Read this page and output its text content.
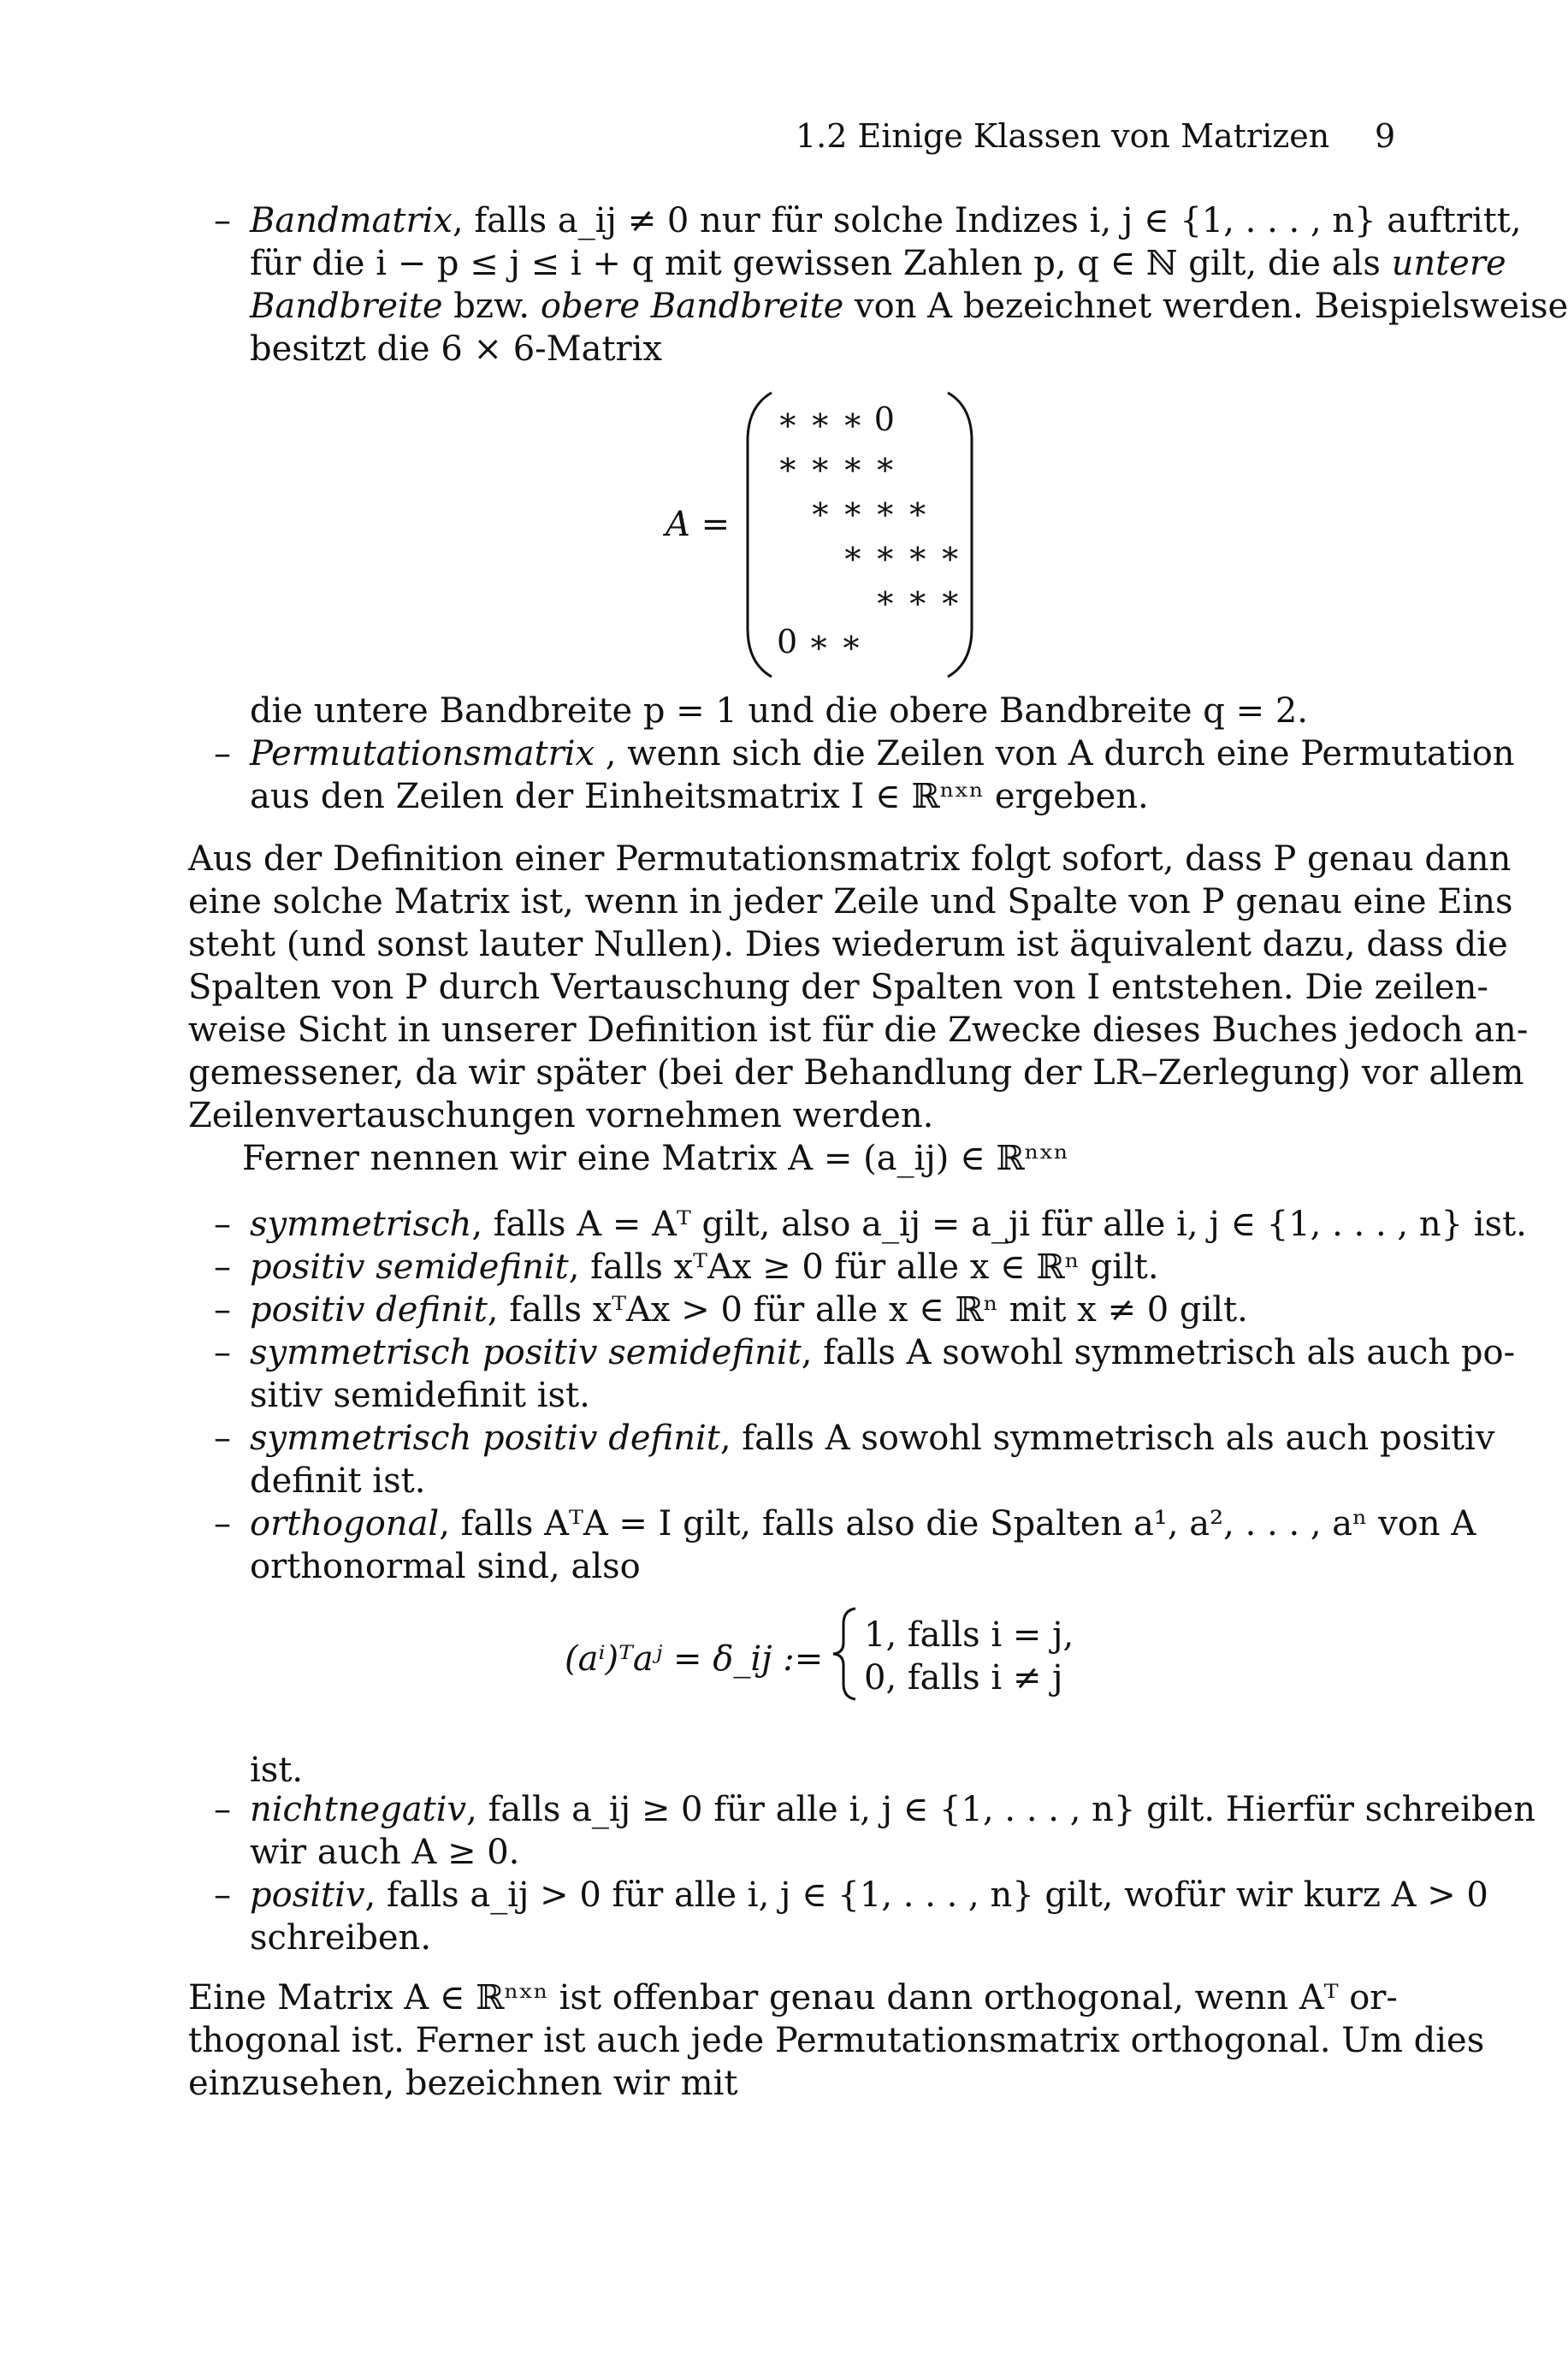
1.2 Einige Klassen von Matrizen 9
– Bandmatrix, falls a_ij ≠ 0 nur für solche Indizes i, j ∈ {1, . . . , n} auftritt,
für die i − p ≤ j ≤ i + q mit gewissen Zahlen p, q ∈ ℕ gilt, die als untere
Bandbreite bzw. obere Bandbreite von A bezeichnet werden. Beispielsweise
besitzt die 6 × 6-Matrix
A =
∗ ∗ ∗ 0
∗ ∗ ∗ ∗
∗ ∗ ∗ ∗
∗ ∗ ∗ ∗
∗ ∗ ∗
0 ∗ ∗
die untere Bandbreite p = 1 und die obere Bandbreite q = 2.
– Permutationsmatrix , wenn sich die Zeilen von A durch eine Permutation
aus den Zeilen der Einheitsmatrix I ∈ ℝⁿˣⁿ ergeben.
Aus der Definition einer Permutationsmatrix folgt sofort, dass P genau dann
eine solche Matrix ist, wenn in jeder Zeile und Spalte von P genau eine Eins
steht (und sonst lauter Nullen). Dies wiederum ist äquivalent dazu, dass die
Spalten von P durch Vertauschung der Spalten von I entstehen. Die zeilen-
weise Sicht in unserer Definition ist für die Zwecke dieses Buches jedoch an-
gemessener, da wir später (bei der Behandlung der LR–Zerlegung) vor allem
Zeilenvertauschungen vornehmen werden.
Ferner nennen wir eine Matrix A = (a_ij) ∈ ℝⁿˣⁿ
– symmetrisch, falls A = Aᵀ gilt, also a_ij = a_ji für alle i, j ∈ {1, . . . , n} ist.
– positiv semidefinit, falls xᵀAx ≥ 0 für alle x ∈ ℝⁿ gilt.
– positiv definit, falls xᵀAx > 0 für alle x ∈ ℝⁿ mit x ≠ 0 gilt.
– symmetrisch positiv semidefinit, falls A sowohl symmetrisch als auch po-
sitiv semidefinit ist.
– symmetrisch positiv definit, falls A sowohl symmetrisch als auch positiv
definit ist.
– orthogonal, falls AᵀA = I gilt, falls also die Spalten a¹, a², . . . , aⁿ von A
orthonormal sind, also
(aⁱ)ᵀaʲ = δ_ij :=
1, falls i = j,
0, falls i ≠ j
ist.
– nichtnegativ, falls a_ij ≥ 0 für alle i, j ∈ {1, . . . , n} gilt. Hierfür schreiben
wir auch A ≥ 0.
– positiv, falls a_ij > 0 für alle i, j ∈ {1, . . . , n} gilt, wofür wir kurz A > 0
schreiben.
Eine Matrix A ∈ ℝⁿˣⁿ ist offenbar genau dann orthogonal, wenn Aᵀ or-
thogonal ist. Ferner ist auch jede Permutationsmatrix orthogonal. Um dies
einzusehen, bezeichnen wir mit
